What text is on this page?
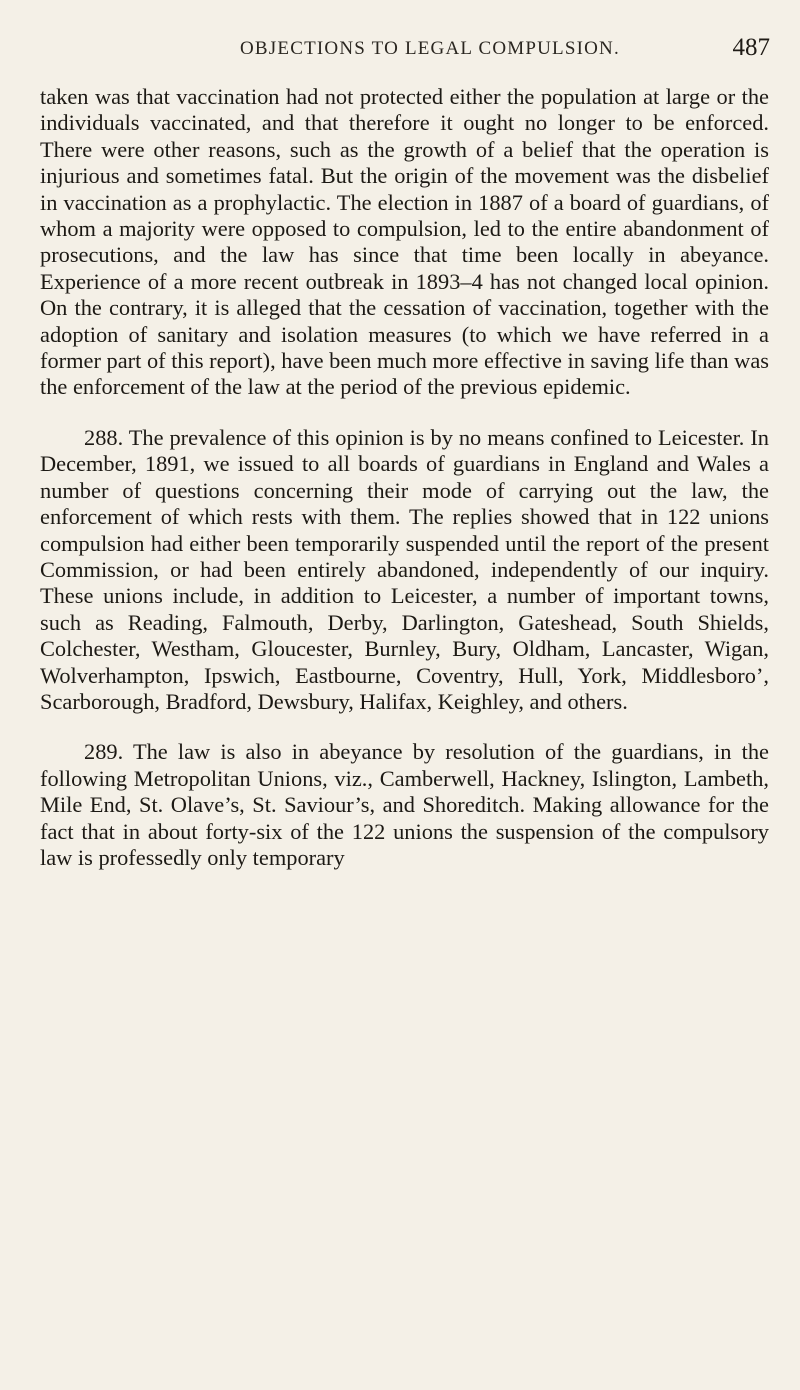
OBJECTIONS TO LEGAL COMPULSION.	487

taken was that vaccination had not protected either the population at large or the individuals vaccinated, and that therefore it ought no longer to be enforced. There were other reasons, such as the growth of a belief that the operation is injurious and sometimes fatal. But the origin of the movement was the disbelief in vaccination as a prophylactic. The election in 1887 of a board of guardians, of whom a majority were opposed to compulsion, led to the entire abandonment of prosecutions, and the law has since that time been locally in abeyance. Experience of a more recent outbreak in 1893–4 has not changed local opinion. On the contrary, it is alleged that the cessation of vaccination, together with the adoption of sanitary and isolation measures (to which we have referred in a former part of this report), have been much more effective in saving life than was the enforcement of the law at the period of the previous epidemic.

288. The prevalence of this opinion is by no means confined to Leicester. In December, 1891, we issued to all boards of guardians in England and Wales a number of questions concerning their mode of carrying out the law, the enforcement of which rests with them. The replies showed that in 122 unions compulsion had either been temporarily suspended until the report of the present Commission, or had been entirely abandoned, independently of our inquiry. These unions include, in addition to Leicester, a number of important towns, such as Reading, Falmouth, Derby, Darlington, Gateshead, South Shields, Colchester, Westham, Gloucester, Burnley, Bury, Oldham, Lancaster, Wigan, Wolverhampton, Ipswich, Eastbourne, Coventry, Hull, York, Middlesboro’, Scarborough, Bradford, Dewsbury, Halifax, Keighley, and others.

289. The law is also in abeyance by resolution of the guardians, in the following Metropolitan Unions, viz., Camberwell, Hackney, Islington, Lambeth, Mile End, St. Olave’s, St. Saviour’s, and Shoreditch. Making allowance for the fact that in about forty-six of the 122 unions the suspension of the compulsory law is professedly only temporary
